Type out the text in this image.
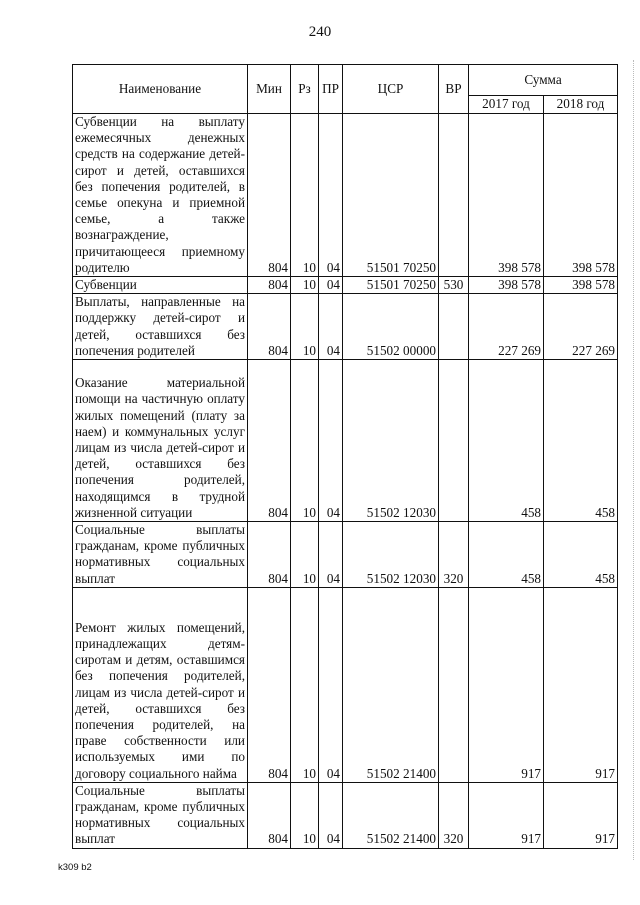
240
Наименование	Мин	Рз	ПР	ЦСР	ВР	Сумма	
						2017 год	2018 год
Субвенции на выплату ежемесячных денежных средств на содержание детей-сирот и детей, оставшихся без попечения родителей, в семье опекуна и приемной семье, а также вознаграждение, причитающееся приемному родителю	804	10	04	51501 70250		398 578	398 578
Субвенции	804	10	04	51501 70250	530	398 578	398 578
Выплаты, направленные на поддержку детей-сирот и детей, оставшихся без попечения родителей	804	10	04	51502 00000		227 269	227 269
Оказание материальной помощи на частичную оплату жилых помещений (плату за наем) и коммунальных услуг лицам из числа детей-сирот и детей, оставшихся без попечения родителей, находящимся в трудной жизненной ситуации	804	10	04	51502 12030		458	458
Социальные выплаты гражданам, кроме публичных нормативных социальных выплат	804	10	04	51502 12030	320	458	458
Ремонт жилых помещений, принадлежащих детям-сиротам и детям, оставшимся без попечения родителей, лицам из числа детей-сирот и детей, оставшихся без попечения родителей, на праве собственности или используемых ими по договору социального найма	804	10	04	51502 21400		917	917
Социальные выплаты гражданам, кроме публичных нормативных социальных выплат	804	10	04	51502 21400	320	917	917
k309 b2
